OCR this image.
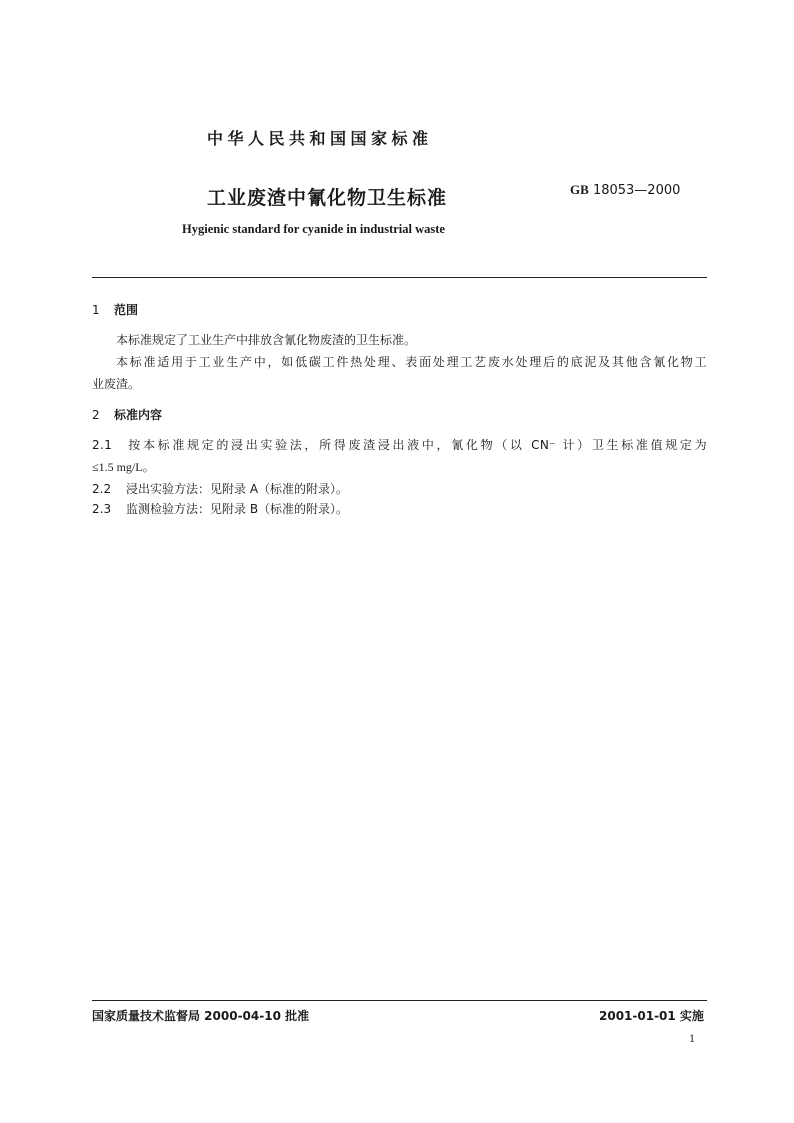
中华人民共和国国家标准
工业废渣中氰化物卫生标准	GB 18053—2000
Hygienic standard for cyanide in industrial waste
1 范围
本标准规定了工业生产中排放含氰化物废渣的卫生标准。
本标准适用于工业生产中，如低碳工件热处理、表面处理工艺废水处理后的底泥及其他含氰化物工
业废渣。
2 标准内容
2.1 按本标准规定的浸出实验法，所得废渣浸出液中，氰化物（以 CN⁻ 计）卫生标准值规定为
≤1.5 mg/L。
2.2 浸出实验方法：见附录 A（标准的附录）。
2.3 监测检验方法：见附录 B（标准的附录）。
国家质量技术监督局 2000-04-10 批准	2001-01-01 实施
1
